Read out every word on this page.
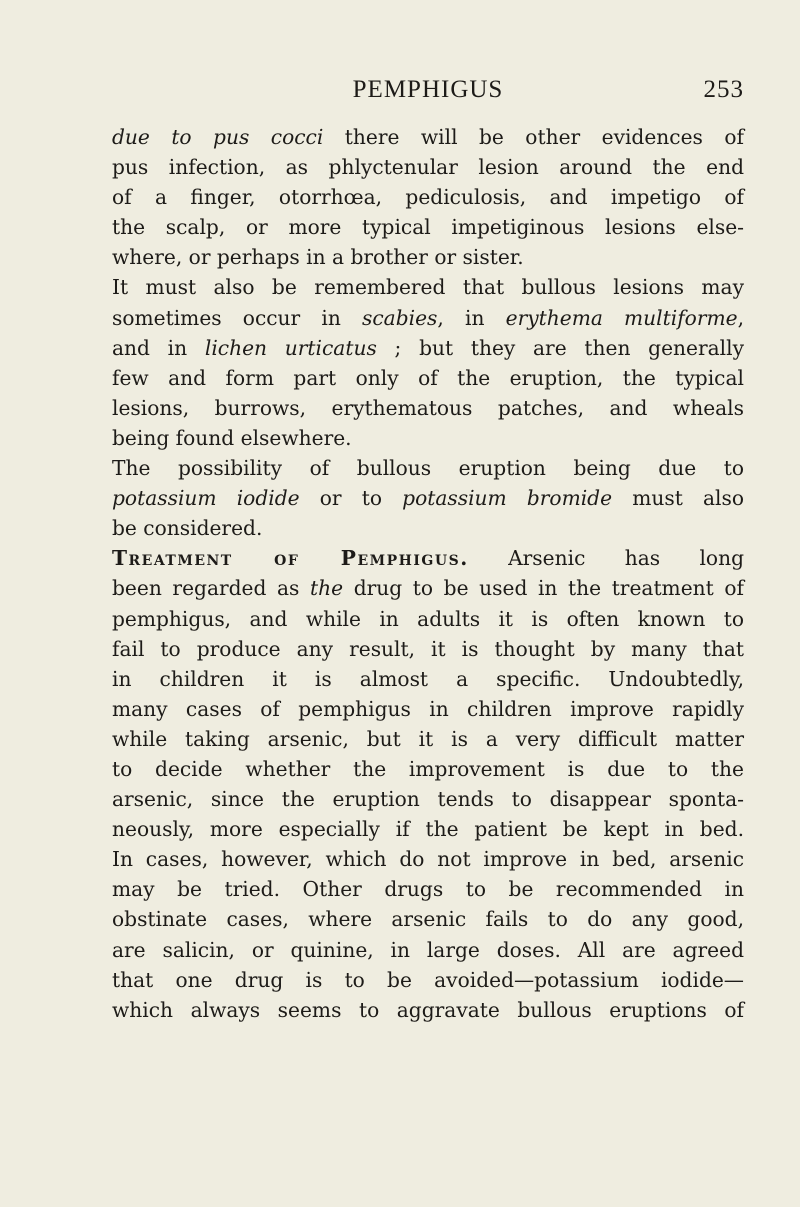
PEMPHIGUS	253
due to pus cocci there will be other evidences of
pus infection, as phlyctenular lesion around the end
of a finger, otorrhœa, pediculosis, and impetigo of
the scalp, or more typical impetiginous lesions else-
where, or perhaps in a brother or sister.
It must also be remembered that bullous lesions may
sometimes occur in scabies, in erythema multiforme,
and in lichen urticatus ; but they are then generally
few and form part only of the eruption, the typical
lesions, burrows, erythematous patches, and wheals
being found elsewhere.
The possibility of bullous eruption being due to
potassium iodide or to potassium bromide must also
be considered.
Treatment of Pemphigus. Arsenic has long
been regarded as the drug to be used in the treatment of
pemphigus, and while in adults it is often known to
fail to produce any result, it is thought by many that
in children it is almost a specific. Undoubtedly,
many cases of pemphigus in children improve rapidly
while taking arsenic, but it is a very difficult matter
to decide whether the improvement is due to the
arsenic, since the eruption tends to disappear sponta-
neously, more especially if the patient be kept in bed.
In cases, however, which do not improve in bed, arsenic
may be tried. Other drugs to be recommended in
obstinate cases, where arsenic fails to do any good,
are salicin, or quinine, in large doses. All are agreed
that one drug is to be avoided—potassium iodide—
which always seems to aggravate bullous eruptions of
